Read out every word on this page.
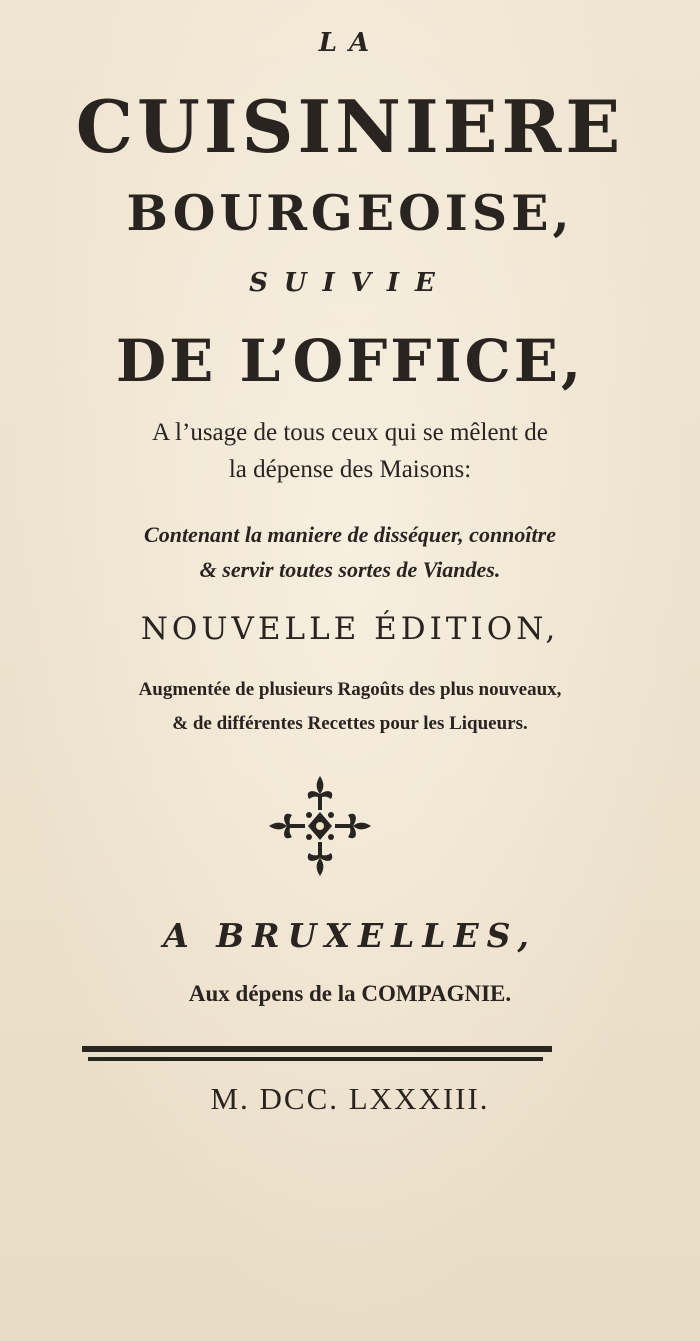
LA
CUISINIERE
BOURGEOISE,
SUIVIE
DE L’OFFICE,
A l’usage de tous ceux qui se mêlent de
la dépense des Maisons:
Contenant la maniere de disséquer, connoître
& servir toutes sortes de Viandes.
NOUVELLE ÉDITION,
Augmentée de plusieurs Ragoûts des plus nouveaux,
& de différentes Recettes pour les Liqueurs.
A BRUXELLES,
Aux dépens de la COMPAGNIE.
M. DCC. LXXXIII.
